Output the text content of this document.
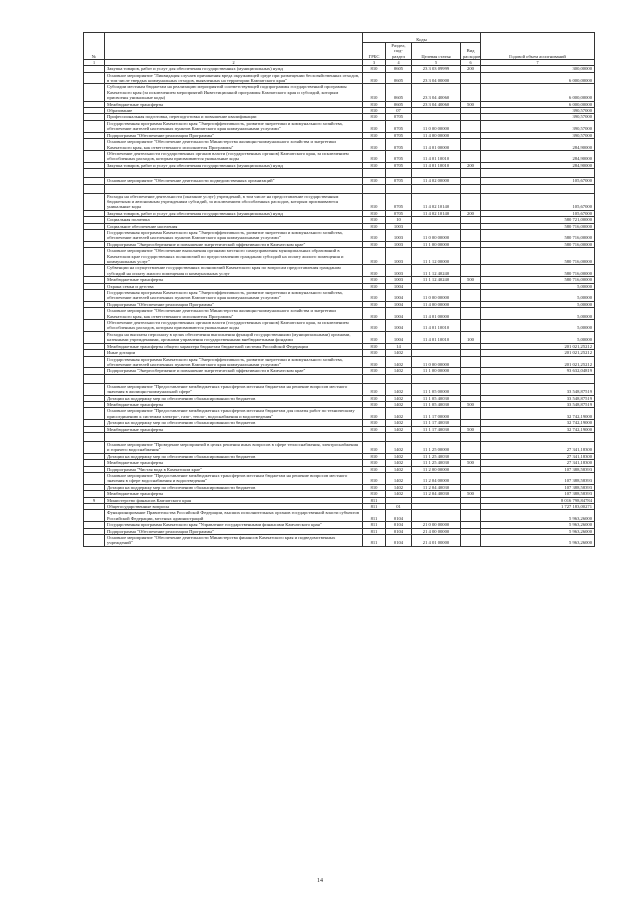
№		Коды				Годовой объем ассигнований
		ГРБС	Раздел, под-раздел	Целевая статья	Вид расходов	
1	2	3	4	5	6	7
	Закупка товаров, работ и услуг для обеспечения государственных (муниципальных) нужд	810	0605	23 3 03 09999	200	300,00000
	Основное мероприятие "Ликвидация случаев причинения вреда окружающей среде при размещении бесхозяйственных отходов, в том числе твердых коммунальных отходов, выявленных на территории Камчатского края"	810	0605	23 3 04 00000		6 000,00000
	Субсидии местным бюджетам на реализацию мероприятий соответствующей подпрограммы государственной программы Камчатского края (за исключением мероприятий Инвестиционной программы Камчатского края и субсидий, которым присвоены уникальные коды)	810	0605	23 3 04 40060		6 000,00000
	Межбюджетные трансферты	810	0605	23 3 04 40060	500	6 000,00000
	Образование	810	07			390,57000
	Профессиональная подготовка, переподготовка и повышение квалификации	810	0705			390,57000
	Государственная программа Камчатского края "Энергоэффективность, развитие энергетики и коммунального хозяйства, обеспечение жителей населенных пунктов Камчатского края коммунальными услугами"	810	0705	11 0 00 00000		390,57000
	Подпрограмма "Обеспечение реализации Программы"	810	0705	11 4 00 00000		390,57000
	Основное мероприятие "Обеспечение деятельности Министерства жилищно-коммунального хозяйства и энергетики Камчатского края, как ответственного исполнителя Программы"	810	0705	11 4 01 00000		284,90000
	Обеспечение деятельности государственных органов власти (государственных органов) Камчатского края, за исключением обособленных расходов, которым присваиваются уникальные коды	810	0705	11 4 01 10010		284,90000
	Закупка товаров, работ и услуг для обеспечения государственных (муниципальных) нужд	810	0705	11 4 01 10010	200	284,90000

	Основное мероприятие "Обеспечение деятельности подведомственных организаций"	810	0705	11 4 02 00000		105,67000

	Расходы на обеспечение деятельности (оказание услуг) учреждений, в том числе на предоставление государственным бюджетным и автономным учреждениям субсидий, за исключением обособленных расходов, которым присваиваются уникальные коды	810	0705	11 4 02 10140		105,67000
	Закупка товаров, работ и услуг для обеспечения государственных (муниципальных) нужд	810	0705	11 4 02 10140	200	105,67000
	Социальная политика	810	10			580 721,00000
	Социальное обеспечение населения	810	1003			580 716,00000
	Государственная программа Камчатского края "Энергоэффективность, развитие энергетики и коммунального хозяйства, обеспечение жителей населенных пунктов Камчатского края коммунальными услугами"	810	1003	11 0 00 00000		580 716,00000
	Подпрограмма "Энергосбережение и повышение энергетической эффективности в Камчатском крае"	810	1003	11 1 00 00000		580 716,00000
	Основное мероприятие "Обеспечение выполнения органами местного самоуправления муниципальных образований в Камчатском крае государственных полномочий по предоставлению гражданам субсидий на оплату жилого помещения и коммунальных услуг"	810	1003	11 1 12 00000		580 716,00000
	Субвенции на осуществление государственных полномочий Камчатского края по вопросам предоставления гражданам субсидий на оплату жилого помещения и коммунальных услуг	810	1003	11 1 12 40240		580 716,00000
	Межбюджетные трансферты	810	1003	11 1 12 40240	500	580 716,00000
	Охрана семьи и детства	810	1004			5,00000
	Государственная программа Камчатского края "Энергоэффективность, развитие энергетики и коммунального хозяйства, обеспечение жителей населенных пунктов Камчатского края коммунальными услугами"	810	1004	11 0 00 00000		5,00000
	Подпрограмма "Обеспечение реализации Программы"	810	1004	11 4 00 00000		5,00000
	Основное мероприятие "Обеспечение деятельности Министерства жилищно-коммунального хозяйства и энергетики Камчатского края, как ответственного исполнителя Программы"	810	1004	11 4 01 00000		5,00000
	Обеспечение деятельности государственных органов власти (государственных органов) Камчатского края, за исключением обособленных расходов, которым присваиваются уникальные коды	810	1004	11 4 01 10010		5,00000
	Расходы на выплаты персоналу в целях обеспечения выполнения функций государственными (муниципальными) органами, казенными учреждениями, органами управления государственными внебюджетными фондами	810	1004	11 4 01 10010	100	5,00000
	Межбюджетные трансферты общего характера бюджетам бюджетной системы Российской Федерации	810	14			201 021,25212
	Иные дотации	810	1402			201 021,25212
	Государственная программа Камчатского края "Энергоэффективность, развитие энергетики и коммунального хозяйства, обеспечение жителей населенных пунктов Камчатского края коммунальными услугами"	810	1402	11 0 00 00000		201 021,25212
	Подпрограмма "Энергосбережение и повышение энергетической эффективности в Камчатском крае"	810	1402	11 1 00 00000		93 632,04819

	Основное мероприятие "Предоставление межбюджетных трансфертов местным бюджетам на решение вопросов местного значения в жилищно-коммунальной сфере"	810	1402	11 1 05 00000		33 548,87519
	Дотации на поддержку мер по обеспечению сбалансированности бюджетов	810	1402	11 1 05 40030		33 548,87519
	Межбюджетные трансферты	810	1402	11 1 05 40030	500	33 548,87519
	Основное мероприятие "Предоставление межбюджетных трансфертов местным бюджетам для оплаты работ по техническому присоединению к системам электро-, газо-, тепло-, водоснабжения и водоотведения"	810	1402	11 1 17 00000		32 742,19000
	Дотации на поддержку мер по обеспечению сбалансированности бюджетов	810	1402	11 1 17 40030		32 742,19000
	Межбюджетные трансферты	810	1402	11 1 17 40030	500	32 742,19000

	Основное мероприятие "Проведение мероприятий в целях решения иных вопросов в сфере теплоснабжения, электроснабжения и горячего водоснабжения"	810	1402	11 1 25 00000		27 341,18300
	Дотации на поддержку мер по обеспечению сбалансированности бюджетов	810	1402	11 1 25 40030		27 341,18300
	Межбюджетные трансферты	810	1402	11 1 25 40030	500	27 341,18300
	Подпрограмма "Чистая вода в Камчатском крае"	810	1402	11 2 00 00000		107 388,58393
	Основное мероприятие "Предоставление межбюджетных трансфертов местным бюджетам на решение вопросов местного значения в сфере водоснабжения и водоотведения"	810	1402	11 2 04 00000		107 388,58393
	Дотации на поддержку мер по обеспечению сбалансированности бюджетов	810	1402	11 2 04 40030		107 388,58393
	Межбюджетные трансферты	810	1402	11 2 04 40030	500	107 388,58393
9	Министерство финансов Камчатского края	811				8 016 798,84784
	Общегосударственные вопросы	811	01			1 727 183,00271
	Функционирование Правительства Российской Федерации, высших исполнительных органов государственной власти субъектов Российской Федерации, местных администраций	811	0104			5 963,26000
	Государственная программа Камчатского края "Управление государственными финансами Камчатского края"	811	0104	21 0 00 00000		5 963,26000
	Подпрограмма "Обеспечение реализации Программы"	811	0104	21 4 00 00000		5 963,26000
	Основное мероприятие "Обеспечение деятельности Министерства финансов Камчатского края и подведомственных учреждений"	811	0104	21 4 01 00000		5 963,26000
14
